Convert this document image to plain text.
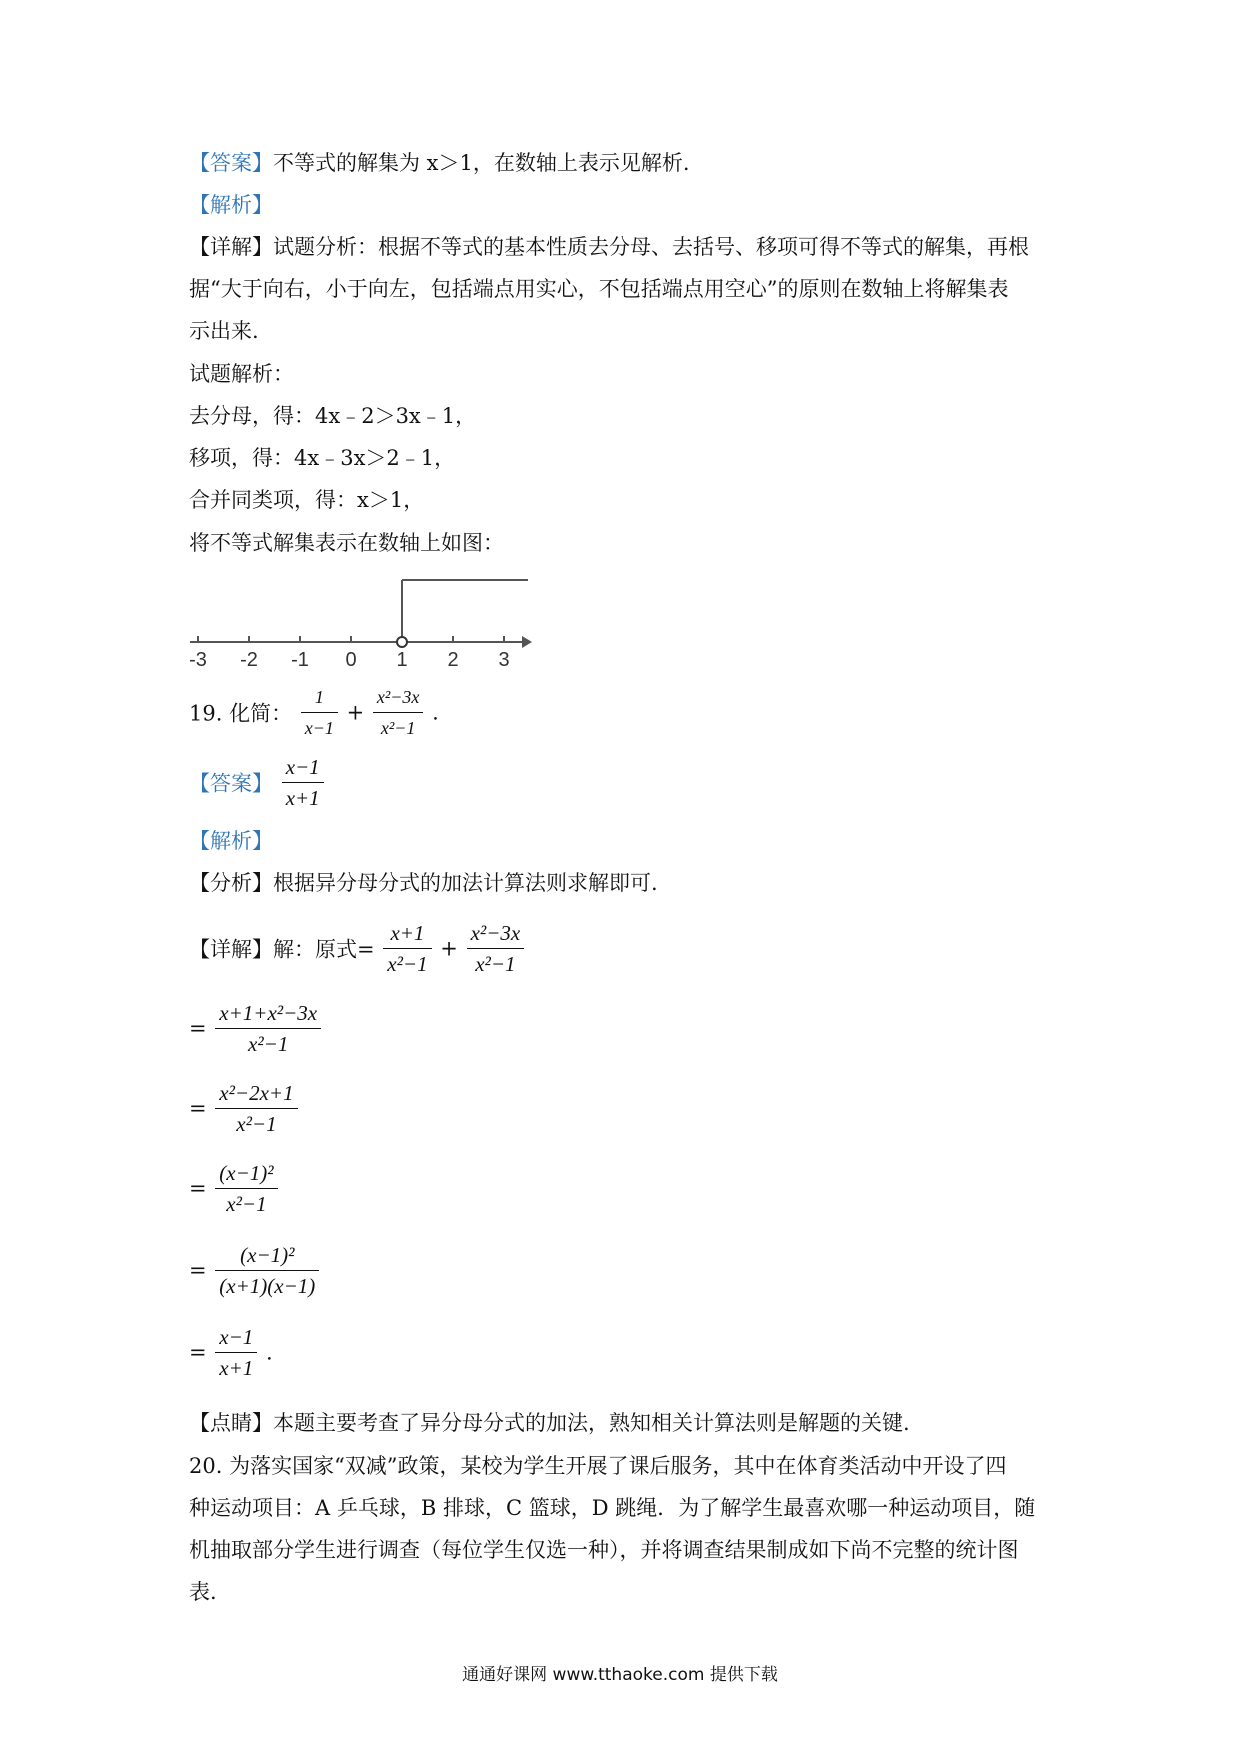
【答案】不等式的解集为 x＞1，在数轴上表示见解析.
【解析】
【详解】试题分析：根据不等式的基本性质去分母、去括号、移项可得不等式的解集，再根
据“大于向右，小于向左，包括端点用实心，不包括端点用空心”的原则在数轴上将解集表
示出来.
试题解析：
去分母，得：4x﹣2＞3x﹣1，
移项，得：4x﹣3x＞2﹣1，
合并同类项，得：x＞1，
将不等式解集表示在数轴上如图：
-3 -2 -1 0 1 2 3
19. 化简： $\frac{1}{x-1} + \frac{\text{x²−3x}}{\text{x²−1}}$ .
【答案】 $\frac{x-1}{x+1}$
【解析】
【分析】根据异分母分式的加法计算法则求解即可.
【详解】解：原式= $\frac{x+1}{\text{x²−1}} + \frac{\text{x²−3x}}{\text{x²−1}}$
= $\frac{\text{x+1+x²−3x}}{\text{x²−1}}$
= $\frac{\text{x²−2x+1}}{\text{x²−1}}$
= $\frac{\text{(x−1)²}}{\text{x²−1}}$
= $\frac{\text{(x−1)²}}{(x+1)(x-1)}$
= $\frac{x-1}{x+1}$ .
【点睛】本题主要考查了异分母分式的加法，熟知相关计算法则是解题的关键.
20. 为落实国家“双减”政策，某校为学生开展了课后服务，其中在体育类活动中开设了四
种运动项目：A 乒乓球，B 排球，C 篮球，D 跳绳．为了解学生最喜欢哪一种运动项目，随
机抽取部分学生进行调查（每位学生仅选一种），并将调查结果制成如下尚不完整的统计图
表.
通通好课网 www.tthaoke.com 提供下载
